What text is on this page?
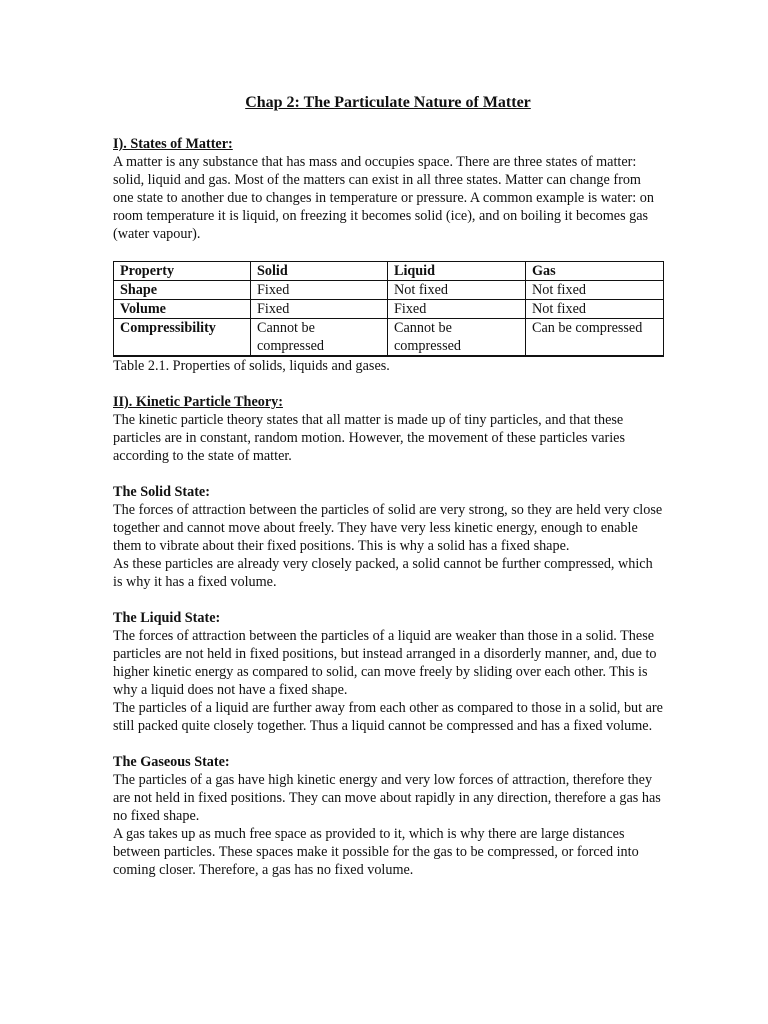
Chap 2: The Particulate Nature of Matter

I). States of Matter:

A matter is any substance that has mass and occupies space. There are three states of matter: solid, liquid and gas. Most of the matters can exist in all three states. Matter can change from one state to another due to changes in temperature or pressure. A common example is water: on room temperature it is liquid, on freezing it becomes solid (ice), and on boiling it becomes gas (water vapour).

Property	Solid	Liquid	Gas
Shape	Fixed	Not fixed	Not fixed
Volume	Fixed	Fixed	Not fixed
Compressibility	Cannot be compressed	Cannot be compressed	Can be compressed

Table 2.1. Properties of solids, liquids and gases.

II). Kinetic Particle Theory:

The kinetic particle theory states that all matter is made up of tiny particles, and that these particles are in constant, random motion. However, the movement of these particles varies according to the state of matter.

The Solid State:

The forces of attraction between the particles of solid are very strong, so they are held very close together and cannot move about freely. They have very less kinetic energy, enough to enable them to vibrate about their fixed positions. This is why a solid has a fixed shape.

As these particles are already very closely packed, a solid cannot be further compressed, which is why it has a fixed volume.

The Liquid State:

The forces of attraction between the particles of a liquid are weaker than those in a solid. These particles are not held in fixed positions, but instead arranged in a disorderly manner, and, due to higher kinetic energy as compared to solid, can move freely by sliding over each other. This is why a liquid does not have a fixed shape.

The particles of a liquid are further away from each other as compared to those in a solid, but are still packed quite closely together. Thus a liquid cannot be compressed and has a fixed volume.

The Gaseous State:

The particles of a gas have high kinetic energy and very low forces of attraction, therefore they are not held in fixed positions. They can move about rapidly in any direction, therefore a gas has no fixed shape.

A gas takes up as much free space as provided to it, which is why there are large distances between particles. These spaces make it possible for the gas to be compressed, or forced into coming closer. Therefore, a gas has no fixed volume.
